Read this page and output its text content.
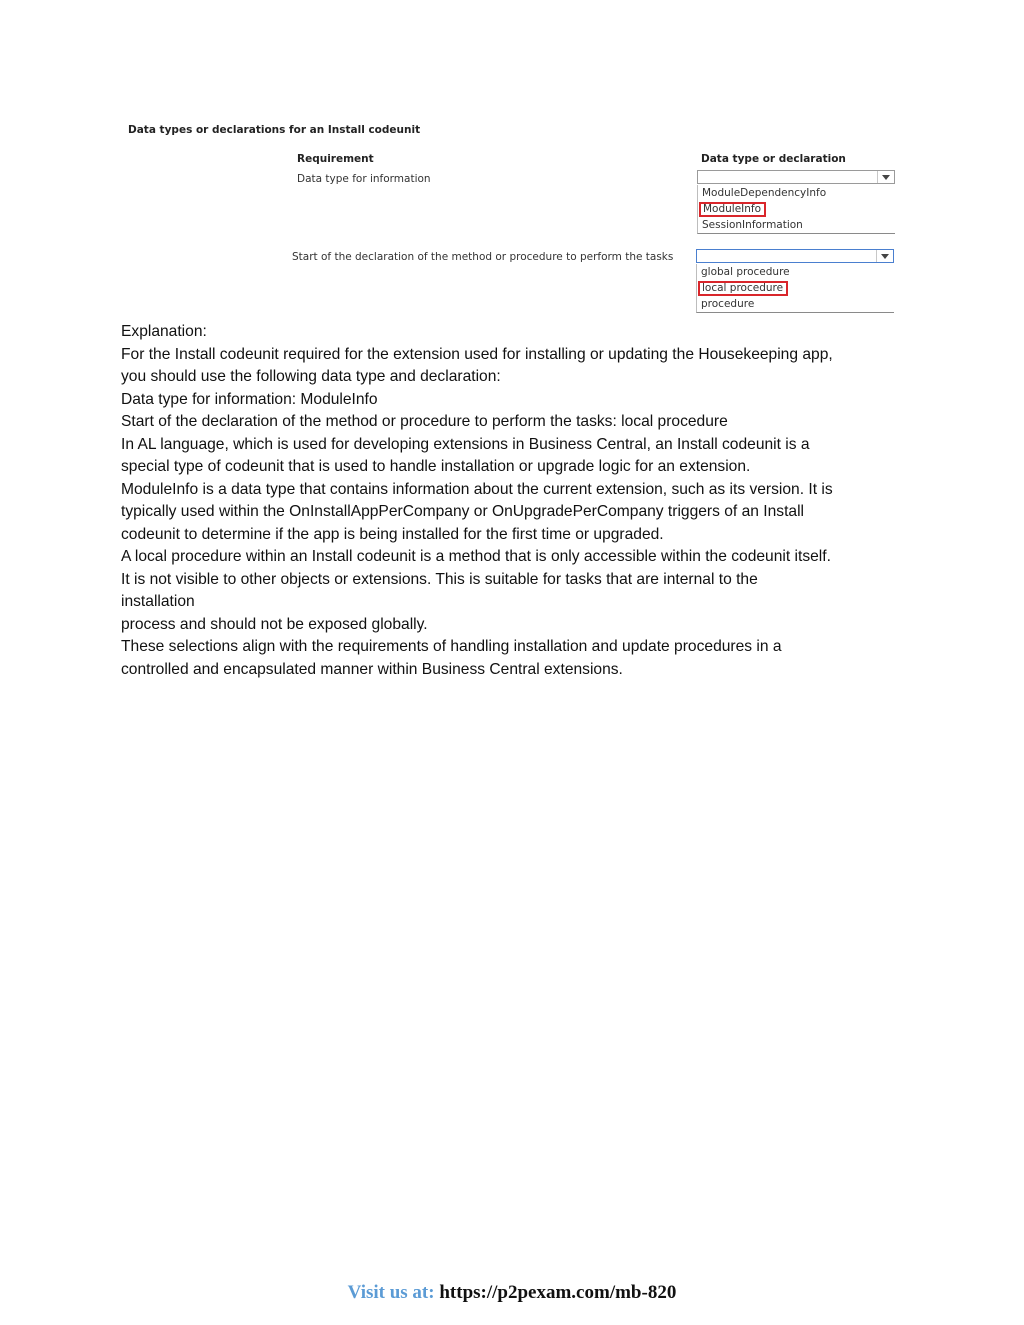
Data types or declarations for an Install codeunit
Requirement	Data type or declaration
Data type for information
ModuleDependencyInfo
ModuleInfo
SessionInformation
Start of the declaration of the method or procedure to perform the tasks
global procedure
local procedure
procedure

Explanation:

For the Install codeunit required for the extension used for installing or updating the Housekeeping app,

you should use the following data type and declaration:

Data type for information: ModuleInfo

Start of the declaration of the method or procedure to perform the tasks: local procedure

In AL language, which is used for developing extensions in Business Central, an Install codeunit is a

special type of codeunit that is used to handle installation or upgrade logic for an extension.

ModuleInfo is a data type that contains information about the current extension, such as its version. It is

typically used within the OnInstallAppPerCompany or OnUpgradePerCompany triggers of an Install

codeunit to determine if the app is being installed for the first time or upgraded.

A local procedure within an Install codeunit is a method that is only accessible within the codeunit itself.

It is not visible to other objects or extensions. This is suitable for tasks that are internal to the

installation

process and should not be exposed globally.

These selections align with the requirements of handling installation and update procedures in a

controlled and encapsulated manner within Business Central extensions.

Visit us at: https://p2pexam.com/mb-820
